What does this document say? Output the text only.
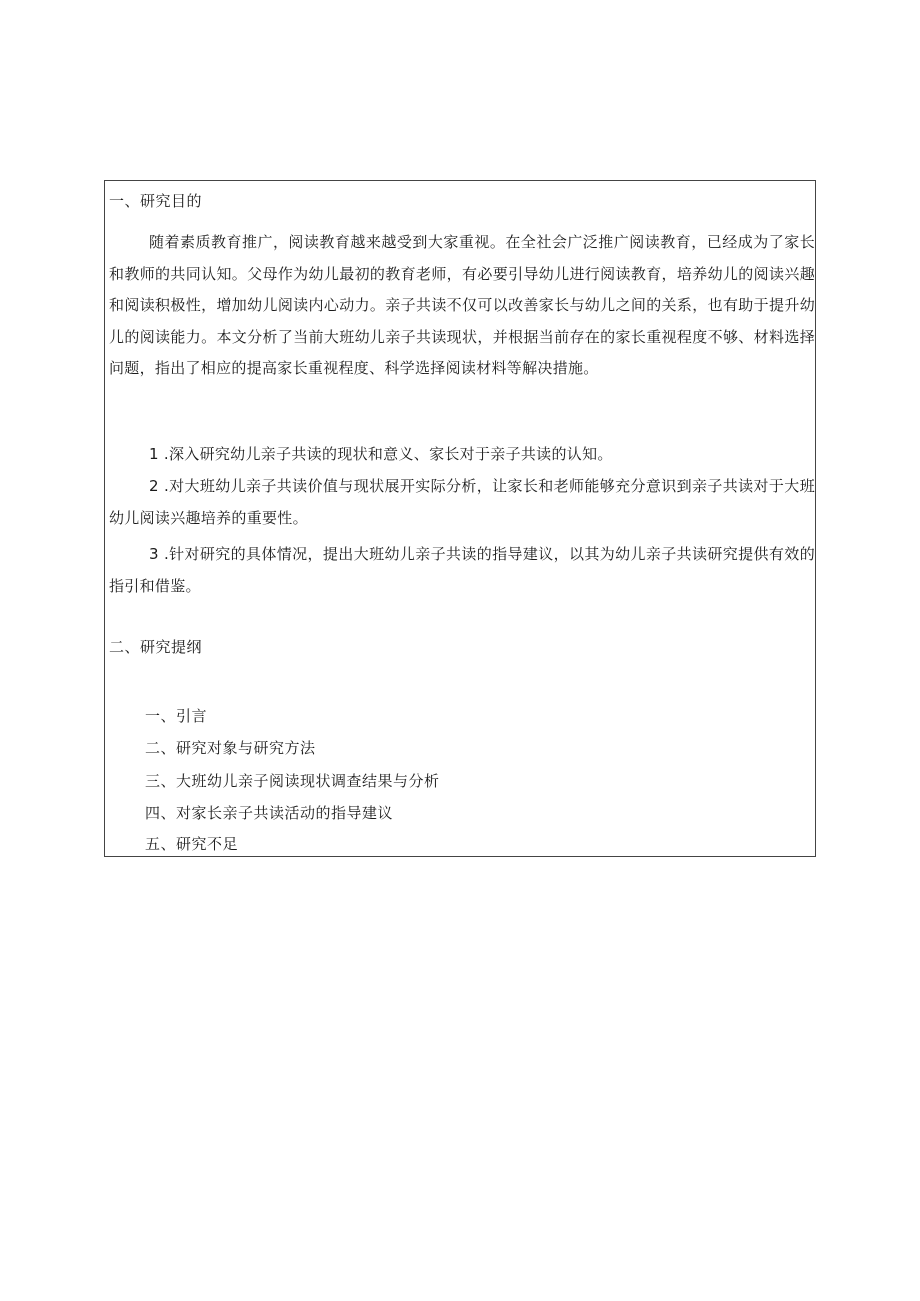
一、研究目的
随着素质教育推广，阅读教育越来越受到大家重视。在全社会广泛推广阅读教育，已经成为了家长和教师的共同认知。父母作为幼儿最初的教育老师，有必要引导幼儿进行阅读教育，培养幼儿的阅读兴趣和阅读积极性，增加幼儿阅读内心动力。亲子共读不仅可以改善家长与幼儿之间的关系，也有助于提升幼儿的阅读能力。本文分析了当前大班幼儿亲子共读现状，并根据当前存在的家长重视程度不够、材料选择问题，指出了相应的提高家长重视程度、科学选择阅读材料等解决措施。
1 .深入研究幼儿亲子共读的现状和意义、家长对于亲子共读的认知。
2 .对大班幼儿亲子共读价值与现状展开实际分析，让家长和老师能够充分意识到亲子共读对于大班幼儿阅读兴趣培养的重要性。
3 .针对研究的具体情况，提出大班幼儿亲子共读的指导建议，以其为幼儿亲子共读研究提供有效的指引和借鉴。
二、研究提纲
一、引言
二、研究对象与研究方法
三、大班幼儿亲子阅读现状调查结果与分析
四、对家长亲子共读活动的指导建议
五、研究不足
